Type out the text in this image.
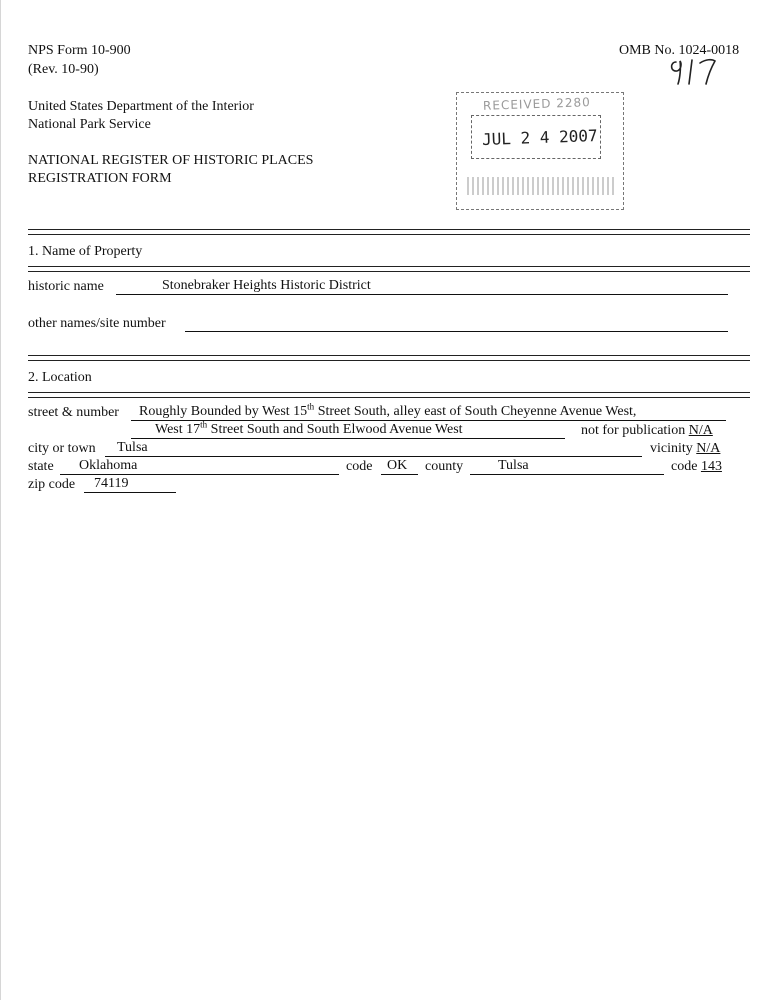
NPS Form 10-900
(Rev. 10-90)
OMB No. 1024-0018
United States Department of the Interior
National Park Service
NATIONAL REGISTER OF HISTORIC PLACES
REGISTRATION FORM
RECEIVED 2280
JUL 2 4 2007
1. Name of Property
historic name	Stonebraker Heights Historic District
other names/site number
2. Location
street & number	Roughly Bounded by West 15th Street South, alley east of South Cheyenne Avenue West,
West 17th Street South and South Elwood Avenue West	not for publication N/A
city or town	Tulsa	vicinity N/A
state	Oklahoma	code	OK	county	Tulsa	code 143
zip code	74119
